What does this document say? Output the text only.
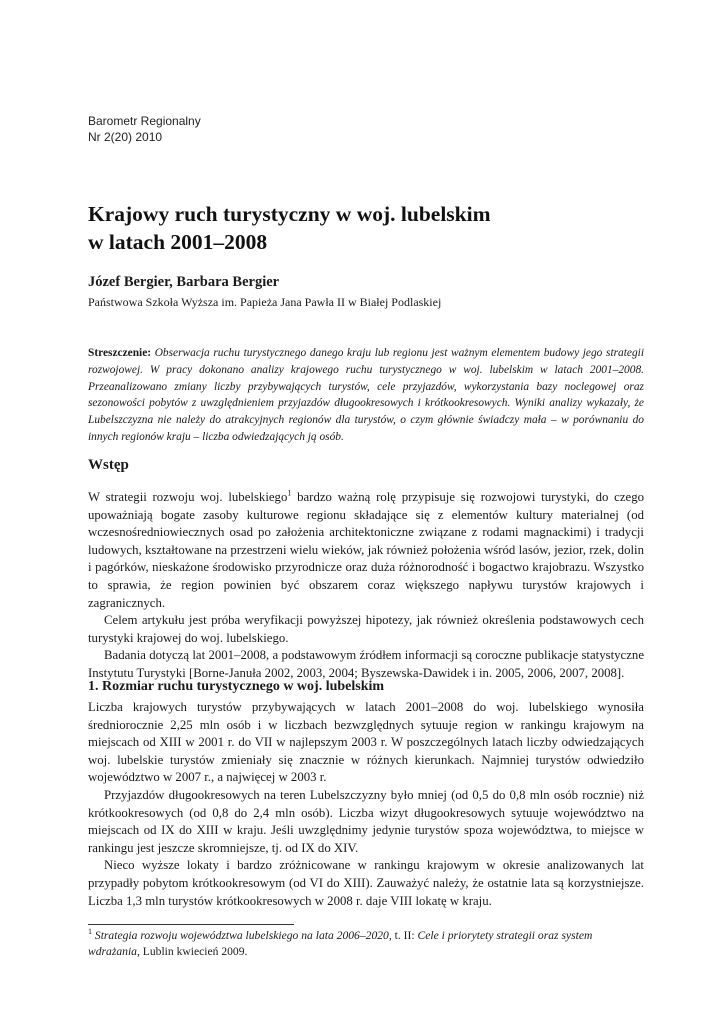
Barometr Regionalny
Nr 2(20) 2010
Krajowy ruch turystyczny w woj. lubelskim
w latach 2001–2008
Józef Bergier, Barbara Bergier
Państwowa Szkoła Wyższa im. Papieża Jana Pawła II w Białej Podlaskiej
Streszczenie: Obserwacja ruchu turystycznego danego kraju lub regionu jest ważnym elementem budowy jego strategii rozwojowej. W pracy dokonano analizy krajowego ruchu turystycznego w woj. lubelskim w latach 2001–2008. Przeanalizowano zmiany liczby przybywających turystów, cele przyjazdów, wykorzystania bazy noclegowej oraz sezonowości pobytów z uwzględnieniem przyjazdów długookresowych i krótkookresowych. Wyniki analizy wykazały, że Lubelszczyzna nie należy do atrakcyjnych regionów dla turystów, o czym głównie świadczy mała – w porównaniu do innych regionów kraju – liczba odwiedzających ją osób.
Wstęp

W strategii rozwoju woj. lubelskiego$^1$ bardzo ważną rolę przypisuje się rozwojowi turystyki, do czego upoważniają bogate zasoby kulturowe regionu składające się z elementów kultury materialnej (od wczesnośredniowiecznych osad po założenia architektoniczne związane z rodami magnackimi) i tradycji ludowych, kształtowane na przestrzeni wielu wieków, jak również położenia wśród lasów, jezior, rzek, dolin i pagórków, nieskażone środowisko przyrodnicze oraz duża różnorodność i bogactwo krajobrazu. Wszystko to sprawia, że region powinien być obszarem coraz większego napływu turystów krajowych i zagranicznych.

Celem artykułu jest próba weryfikacji powyższej hipotezy, jak również określenia podstawowych cech turystyki krajowej do woj. lubelskiego.

Badania dotyczą lat 2001–2008, a podstawowym źródłem informacji są coroczne publikacje statystyczne Instytutu Turystyki [Borne-Januła 2002, 2003, 2004; Byszewska-Dawidek i in. 2005, 2006, 2007, 2008].

1. Rozmiar ruchu turystycznego w woj. lubelskim

Liczba krajowych turystów przybywających w latach 2001–2008 do woj. lubelskiego wynosiła średniorocznie 2,25 mln osób i w liczbach bezwzględnych sytuuje region w rankingu krajowym na miejscach od XIII w 2001 r. do VII w najlepszym 2003 r. W poszczególnych latach liczby odwiedzających woj. lubelskie turystów zmieniały się znacznie w różnych kierunkach. Najmniej turystów odwiedziło województwo w 2007 r., a najwięcej w 2003 r.

Przyjazdów długookresowych na teren Lubelszczyzny było mniej (od 0,5 do 0,8 mln osób rocznie) niż krótkookresowych (od 0,8 do 2,4 mln osób). Liczba wizyt długookresowych sytuuje województwo na miejscach od IX do XIII w kraju. Jeśli uwzględnimy jedynie turystów spoza województwa, to miejsce w rankingu jest jeszcze skromniejsze, tj. od IX do XIV.

Nieco wyższe lokaty i bardzo zróżnicowane w rankingu krajowym w okresie analizowanych lat przypadły pobytom krótkookresowym (od VI do XIII). Zauważyć należy, że ostatnie lata są korzystniejsze. Liczba 1,3 mln turystów krótkookresowych w 2008 r. daje VIII lokatę w kraju.

$^1$ Strategia rozwoju województwa lubelskiego na lata 2006–2020, t. II: Cele i priorytety strategii oraz system wdrażania, Lublin kwiecień 2009.
